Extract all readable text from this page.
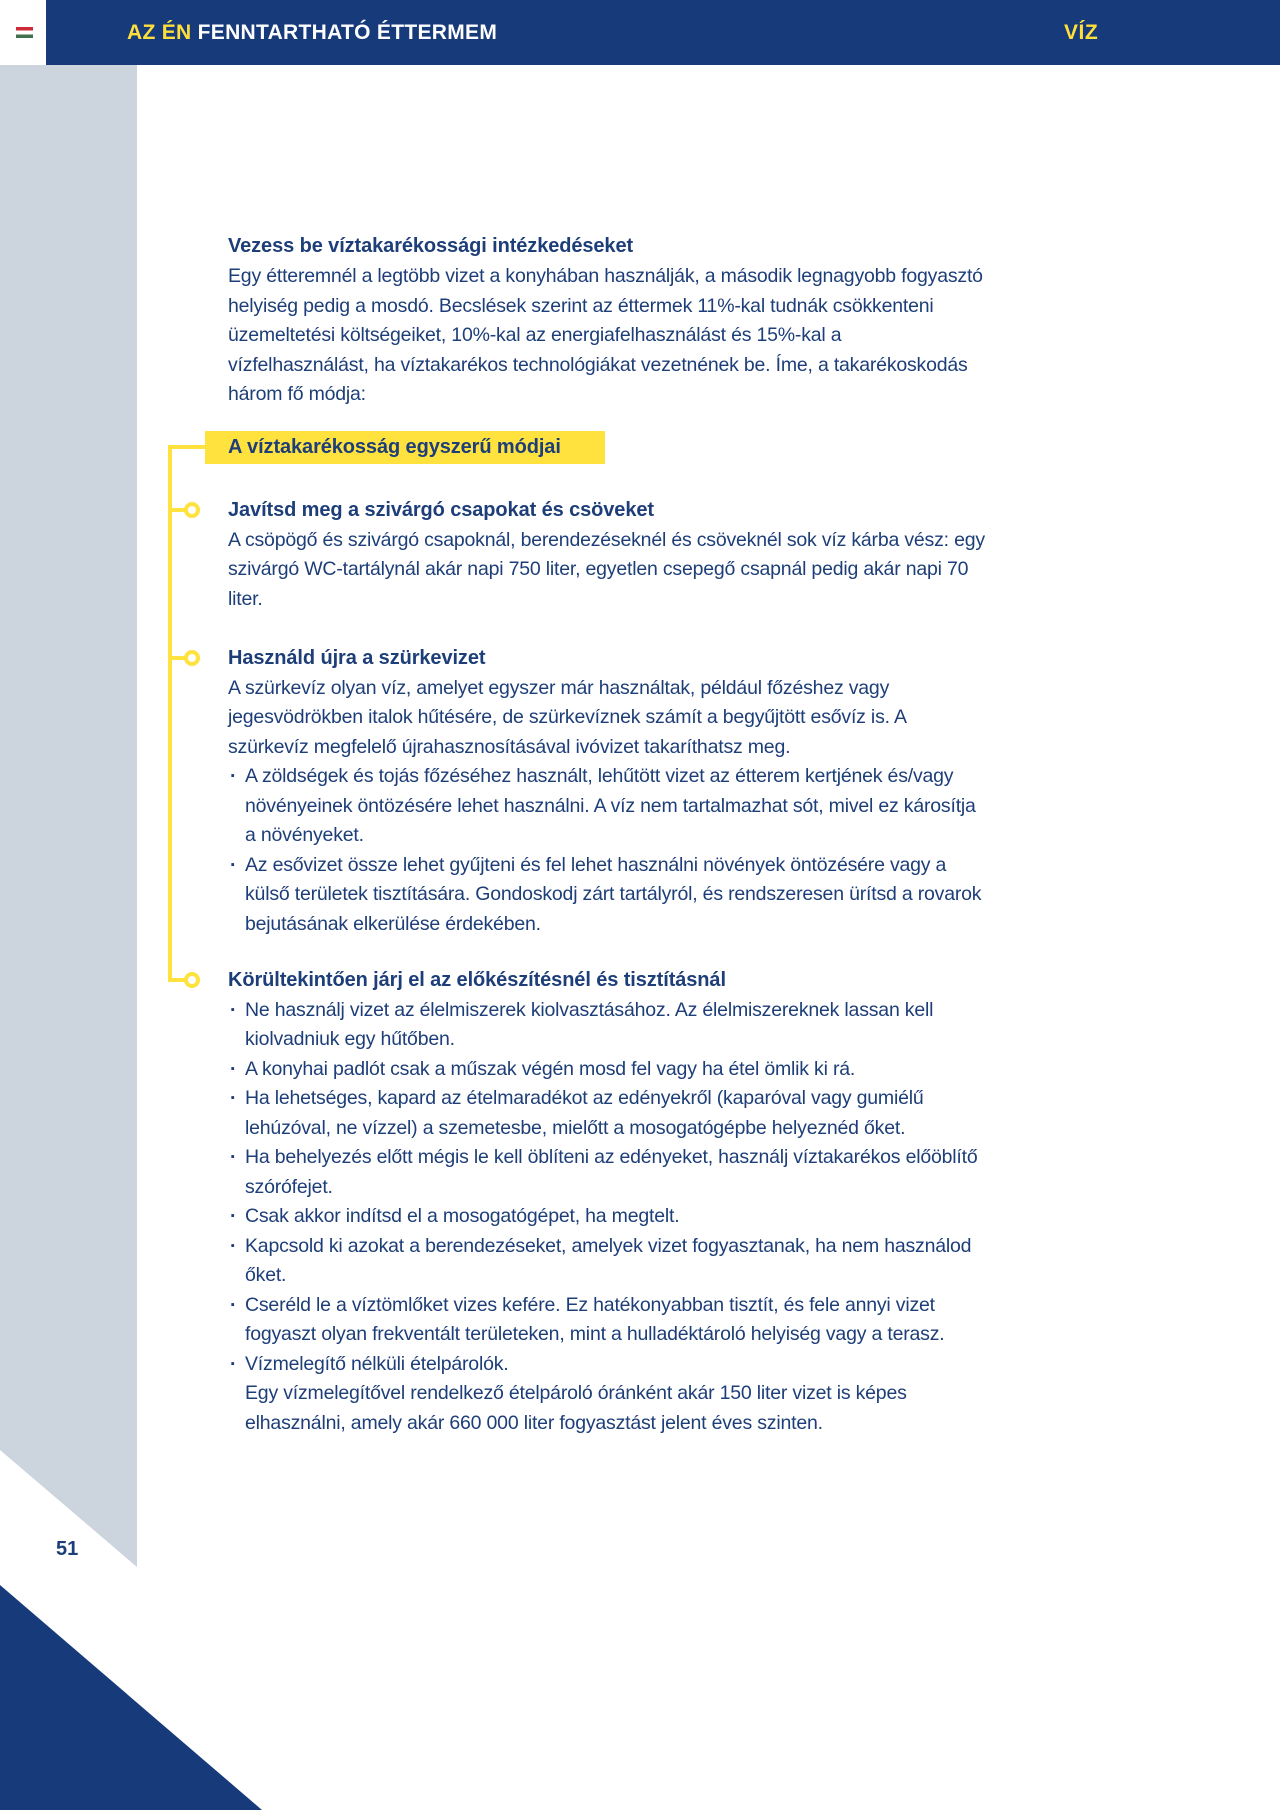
AZ ÉN FENNTARTHATÓ ÉTTERMEM	VÍZ
51
Vezess be víztakarékossági intézkedéseket

Egy étteremnél a legtöbb vizet a konyhában használják, a második legnagyobb fogyasztó helyiség pedig a mosdó. Becslések szerint az éttermek 11%-kal tudnák csökkenteni üzemeltetési költségeiket, 10%-kal az energiafelhasználást és 15%-kal a vízfelhasználást, ha víztakarékos technológiákat vezetnének be. Íme, a takarékoskodás három fő módja:

A víztakarékosság egyszerű módjai
Javítsd meg a szivárgó csapokat és csöveket

A csöpögő és szivárgó csapoknál, berendezéseknél és csöveknél sok víz kárba vész: egy szivárgó WC-tartálynál akár napi 750 liter, egyetlen csepegő csapnál pedig akár napi 70 liter.

Használd újra a szürkevizet

A szürkevíz olyan víz, amelyet egyszer már használtak, például főzéshez vagy jegesvödrökben italok hűtésére, de szürkevíznek számít a begyűjtött esővíz is. A szürkevíz megfelelő újrahasznosításával ivóvizet takaríthatsz meg.

· A zöldségek és tojás főzéséhez használt, lehűtött vizet az étterem kertjének és/vagy növényeinek öntözésére lehet használni. A víz nem tartalmazhat sót, mivel ez károsítja a növényeket.
· Az esővizet össze lehet gyűjteni és fel lehet használni növények öntözésére vagy a külső területek tisztítására. Gondoskodj zárt tartályról, és rendszeresen ürítsd a rovarok bejutásának elkerülése érdekében.
Körültekintően járj el az előkészítésnél és tisztításnál
· Ne használj vizet az élelmiszerek kiolvasztásához. Az élelmiszereknek lassan kell kiolvadniuk egy hűtőben.
· A konyhai padlót csak a műszak végén mosd fel vagy ha étel ömlik ki rá.
· Ha lehetséges, kapard az ételmaradékot az edényekről (kaparóval vagy gumiélű lehúzóval, ne vízzel) a szemetesbe, mielőtt a mosogatógépbe helyeznéd őket.
· Ha behelyezés előtt mégis le kell öblíteni az edényeket, használj víztakarékos előöblítő szórófejet.
· Csak akkor indítsd el a mosogatógépet, ha megtelt.
· Kapcsold ki azokat a berendezéseket, amelyek vizet fogyasztanak, ha nem használod őket.
· Cseréld le a víztömlőket vizes kefére. Ez hatékonyabban tisztít, és fele annyi vizet fogyaszt olyan frekventált területeken, mint a hulladéktároló helyiség vagy a terasz.
· Vízmelegítő nélküli ételpárolók.

Egy vízmelegítővel rendelkező ételpároló óránként akár 150 liter vizet is képes elhasználni, amely akár 660 000 liter fogyasztást jelent éves szinten.
